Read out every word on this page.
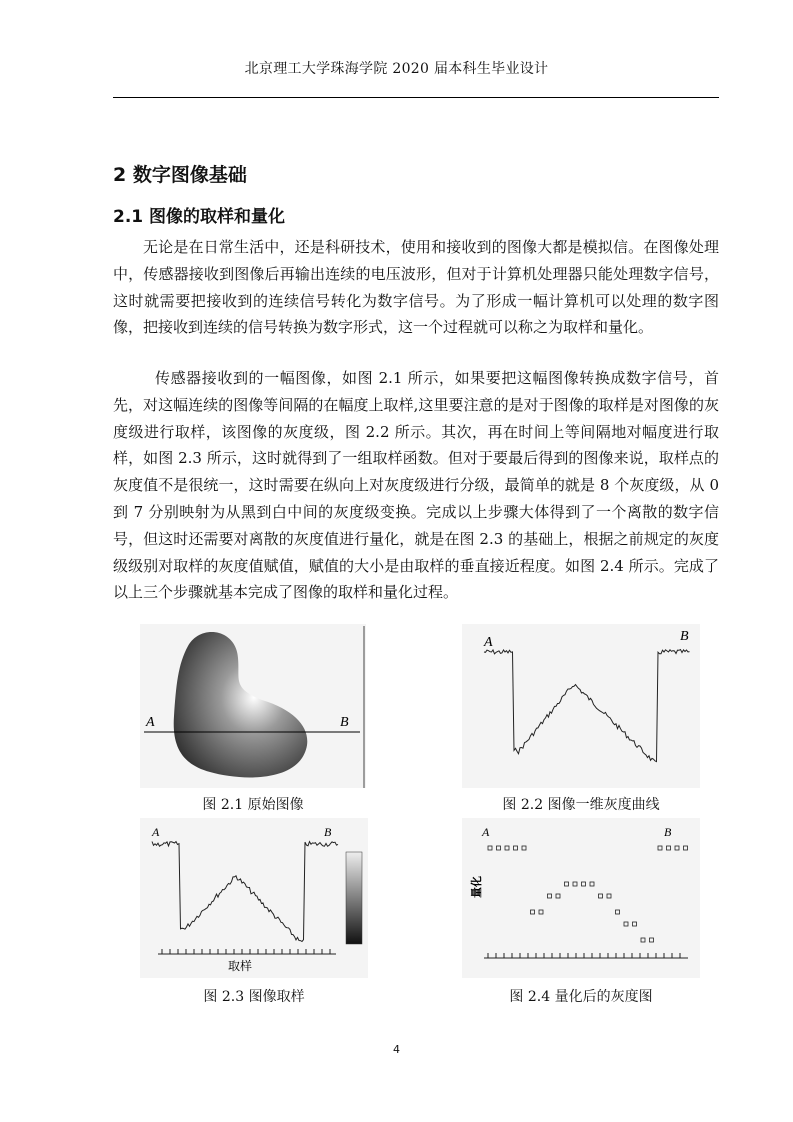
北京理工大学珠海学院 2020 届本科生毕业设计
2 数字图像基础
2.1 图像的取样和量化

无论是在日常生活中，还是科研技术，使用和接收到的图像大都是模拟信。在图像处理中，传感器接收到图像后再输出连续的电压波形，但对于计算机处理器只能处理数字信号，这时就需要把接收到的连续信号转化为数字信号。为了形成一幅计算机可以处理的数字图像，把接收到连续的信号转换为数字形式，这一个过程就可以称之为取样和量化。

传感器接收到的一幅图像，如图 2.1 所示，如果要把这幅图像转换成数字信号，首先，对这幅连续的图像等间隔的在幅度上取样,这里要注意的是对于图像的取样是对图像的灰度级进行取样，该图像的灰度级，图 2.2 所示。其次，再在时间上等间隔地对幅度进行取样，如图 2.3 所示，这时就得到了一组取样函数。但对于要最后得到的图像来说，取样点的灰度值不是很统一，这时需要在纵向上对灰度级进行分级，最简单的就是 8 个灰度级，从 0 到 7 分别映射为从黑到白中间的灰度级变换。完成以上步骤大体得到了一个离散的数字信号，但这时还需要对离散的灰度值进行量化，就是在图 2.3 的基础上，根据之前规定的灰度级级别对取样的灰度值赋值，赋值的大小是由取样的垂直接近程度。如图 2.4 所示。完成了以上三个步骤就基本完成了图像的取样和量化过程。

A	B
图 2.1 原始图像
A	B
图 2.2 图像一维灰度曲线
A	B
取样
图 2.3 图像取样
A	B
量化
图 2.4 量化后的灰度图
4
